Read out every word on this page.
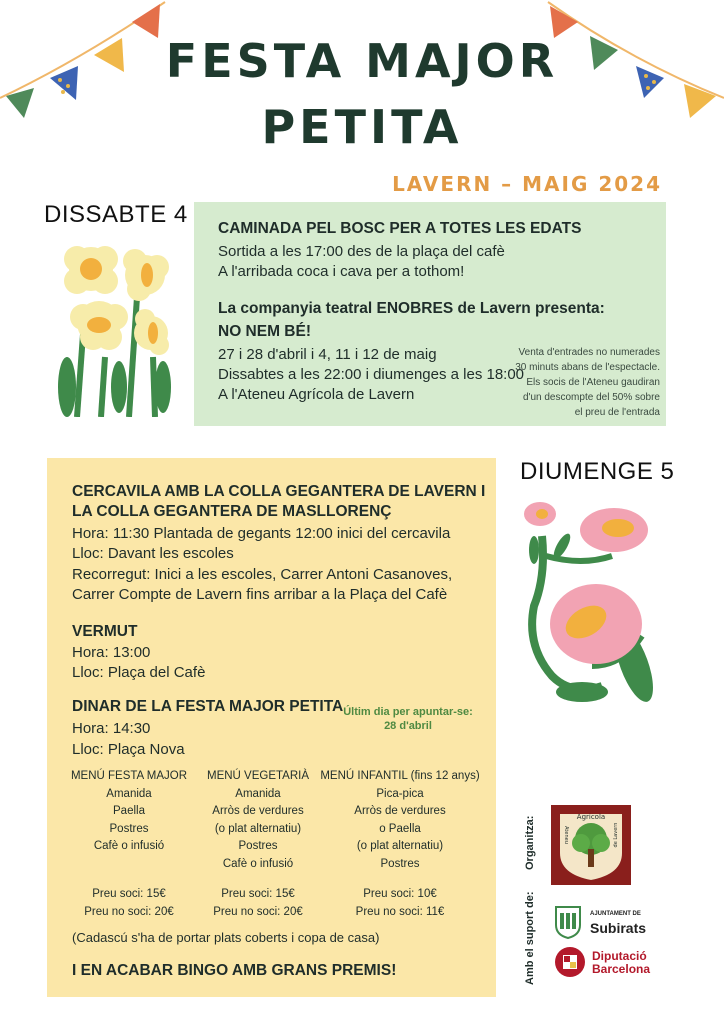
FESTA MAJOR
PETITA
LAVERN – MAIG 2024
DISSABTE 4
CAMINADA PEL BOSC PER A TOTES LES EDATS
Sortida a les 17:00 des de la plaça del cafè
A l'arribada coca i cava per a tothom!
La companyia teatral ENOBRES de Lavern presenta:
NO NEM BÉ!
27 i 28 d'abril i 4, 11 i 12 de maig
Dissabtes a les 22:00 i diumenges a les 18:00
A l'Ateneu Agrícola de Lavern
Venta d'entrades no numerades
30 minuts abans de l'espectacle.
Els socis de l'Ateneu gaudiran
d'un descompte del 50% sobre
el preu de l'entrada
DIUMENGE 5
CERCAVILA AMB LA COLLA GEGANTERA DE LAVERN I
LA COLLA GEGANTERA DE MASLLORENÇ
Hora: 11:30 Plantada de gegants 12:00 inici del cercavila
Lloc: Davant les escoles
Recorregut: Inici a les escoles, Carrer Antoni Casanoves,
Carrer Compte de Lavern fins arribar a la Plaça del Cafè
VERMUT
Hora: 13:00
Lloc: Plaça del Cafè
DINAR DE LA FESTA MAJOR PETITA
Hora: 14:30
Lloc: Plaça Nova
Últim dia per apuntar-se:
28 d'abril
MENÚ FESTA MAJOR
Amanida
Paella
Postres
Cafè o infusió
MENÚ VEGETARIÀ
Amanida
Arròs de verdures
(o plat alternatiu)
Postres
Cafè o infusió
MENÚ INFANTIL (fins 12 anys)
Pica-pica
Arròs de verdures
o Paella
(o plat alternatiu)
Postres
Preu soci: 15€
Preu no soci: 20€
Preu soci: 15€
Preu no soci: 20€
Preu soci: 10€
Preu no soci: 11€
(Cadascú s'ha de portar plats coberts i copa de casa)
I EN ACABAR BINGO AMB GRANS PREMIS!
Organitza:
Amb el suport de:
Agricola
Ateneu	de Lavern
AJUNTAMENT DE
Subirats
Diputació
Barcelona
